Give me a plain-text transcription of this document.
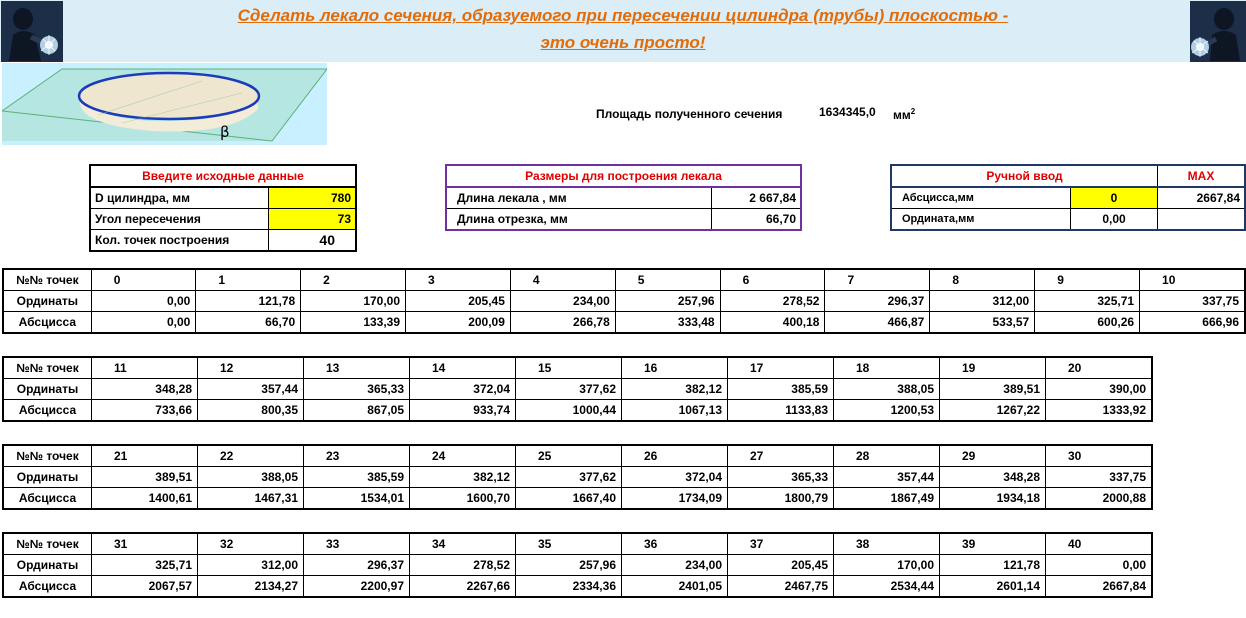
Сделать лекало сечения, образуемого при пересечении цилиндра (трубы) плоскостью -
это очень просто!
β
Площадь полученного сечения	1634345,0 $мм^2$
Введите исходные данные	
D цилиндра, мм	780
Угол пересечения	73
Кол. точек построения	40
Размеры для построения лекала	
Длина лекала , мм	2 667,84
Длина отрезка, мм	66,70
Ручной ввод		MAX
Абсцисса,мм	0	2667,84
Ордината,мм	0,00	
№№ точек	0	1	2	3	4	5	6	7	8	9	10
Ординаты	0,00	121,78	170,00	205,45	234,00	257,96	278,52	296,37	312,00	325,71	337,75
Абсцисса	0,00	66,70	133,39	200,09	266,78	333,48	400,18	466,87	533,57	600,26	666,96
№№ точек	11	12	13	14	15	16	17	18	19	20
Ординаты	348,28	357,44	365,33	372,04	377,62	382,12	385,59	388,05	389,51	390,00
Абсцисса	733,66	800,35	867,05	933,74	1000,44	1067,13	1133,83	1200,53	1267,22	1333,92
№№ точек	21	22	23	24	25	26	27	28	29	30
Ординаты	389,51	388,05	385,59	382,12	377,62	372,04	365,33	357,44	348,28	337,75
Абсцисса	1400,61	1467,31	1534,01	1600,70	1667,40	1734,09	1800,79	1867,49	1934,18	2000,88
№№ точек	31	32	33	34	35	36	37	38	39	40
Ординаты	325,71	312,00	296,37	278,52	257,96	234,00	205,45	170,00	121,78	0,00
Абсцисса	2067,57	2134,27	2200,97	2267,66	2334,36	2401,05	2467,75	2534,44	2601,14	2667,84
